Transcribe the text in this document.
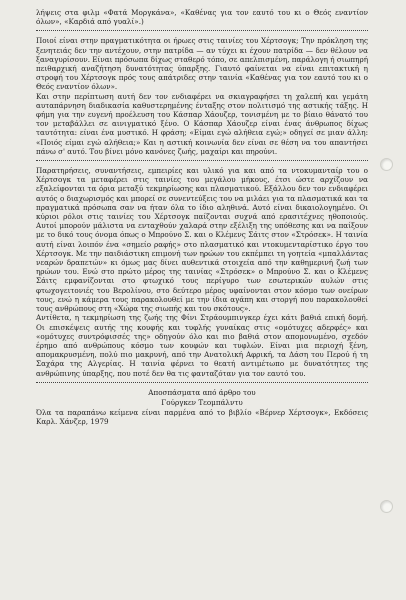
λήψεις στα φιλμ «Φατά Μοργκάνα», «Καθένας για τον εαυτό του κι ο Θεός εναντίον όλων», «Καρδιά από γυαλί».)

Ποιοί είναι στην πραγματικότητα οι ήρωες στις ταινίες του Χέρτσογκ; Την πρόκληση της ξενητειάς δεν την αντέχουν, στην πατρίδα — αν τύχει κι έχουν πατρίδα — δεν θέλουν να ξαναγυρίσουν. Είναι πρόσωπα δίχως σταθερό τόπο, σε απελπισμένη, παράλογη ή σιωπηρή πειθαρχική αναζήτηση δυνατότητας ύπαρξης. Γιαυτό φαίνεται να είναι επιτακτική η στροφή του Χέρτσογκ πρός τους απάτριδες στην ταινία «Καθένας για τον εαυτό του κι ο Θεός εναντίον όλων».

Και στην περίπτωση αυτή δεν τον ενδιαφέρει να σκιαγραφήσει τη χαλεπή και γεμάτη αυταπάρνηση διαδικασία καθυστερημένης ένταξης στον πολιτισμό της αστικής τάξης. Η φήμη για την ευγενή προέλευση του Κάσπαρ Χάουζερ, τονισμένη με το βίαιο θάνατό του τον μεταβάλλει σε αινιγματικό ξένο. Ο Κάσπαρ Χάουζερ είναι ένας άνθρωπος δίχως ταυτότητα: είναι ένα μυστικό. Η φράση; «Είμαι εγώ αλήθεια εγώ;» οδηγεί σε μιαν άλλη: «Ποιός είμαι εγώ αλήθεια;» Και η αστική κοινωνία δεν είναι σε θέση να του απαντήσει πάνω σ' αυτό. Του βίνει μόνο κανόνες ζωής, μαχαίρι και πηρούνι.

Παρατηρήσεις, συναντήσεις, εμπειρίες και υλικό για και από τα ντοκυμανταίρ του ο Χέρτσογκ τα μεταφέρει στις ταινίες του μεγάλου μήκους, έτσι ώστε αρχίζουν να εξαλείφονται τα όρια μεταξύ τεκμηρίωσης και πλασματικού. Εξάλλου δεν τον ενδιαφέρει αυτός ο διαχωρισμός και μπορεί σε συνεντεύξεις του να μιλάει για τα πλασματικά και τα πραγματικά πρόσωπα σαν να ήταν όλα το ίδιο αληθινά. Αυτό είναι δικαιολογημένο. Οι κύριοι ρόλοι στις ταινίες του Χέρτσογκ παίζονται συχνά από ερασιτέχνες ηθοποιούς. Αυτοί μπορούν μάλιστα να ενταχθούν χαλαρά στην εξέλιξη της υπόθεσης και να παίξουν με το δικό τους όνομα όπως ο Μπρούνο Σ. και ο Κλέμενς Σάιτς στον «Στρόσεκ». Η ταινία αυτή είναι λοιπόν ένα «σημείο ραφής» στο πλασματικό και ντοκυμενταρίστικο έργο του Χέρτσογκ. Με την παιδιάστικη επιμονή των ηρώων του εκπέμπει τη γοητεία «μπαλλάντας νεαρών δραπετών» κι όμως μας δίνει αυθεντικά στοιχεία από την καθημερινή ζωή των ηρώων του. Ενώ στο πρώτο μέρος της ταινίας «Στρόσεκ» ο Μπρούνο Σ. και ο Κλέμενς Σάιτς εμφανίζονται στο φτωχικό τους περίγυρο των εσωτερικών αυλών στις φτωχογειτονιές του Βερολίνου, στο δεύτερο μέρος υφαίνονται στον κόσμο των ονείρων τους, ενώ η κάμερα τους παρακολουθεί με την ίδια αγάπη και στοργή που παρακολουθεί τους ανθρώπους στη «Χώρα της σιωπής και του σκότους».

Αντίθετα, η τεκμηρίωση της ζωής της Φίνι Στράουμπινγκερ έχει κάτι βαθιά επική δομή. Οι επισκέψεις αυτής της κουφής και τυφλής γυναίκας στις «ομότυχες αδερφές» και «ομότυχες συντρόφισσές της» οδηγούν όλο και πιο βαθιά στον απομονωμένο, σχεδόν έρημο από ανθρώπους κόσμο των κουφών και τυφλών. Είναι μια περιοχή ξένη, απομακρυσμένη, πολύ πιο μακρυνή, από την Ανατολική Αφρική, τα Δάση του Περού ή τη Σαχάρα της Αλγερίας. Η ταινία φέρνει το θεατή αντιμέτωπο με δυνατότητες της ανθρώπινης ύπαρξης, που ποτέ δεν θα τις φανταζόταν για τον εαυτό του.

Αποσπάσματα από άρθρο του

Γούργκεν Τεομπάλντυ

Όλα τα παραπάνω κείμενα είναι παρμένα από το βιβλίο «Βέρνερ Χέρτσογκ», Εκδόσεις Καρλ. Χάνζερ, 1979
